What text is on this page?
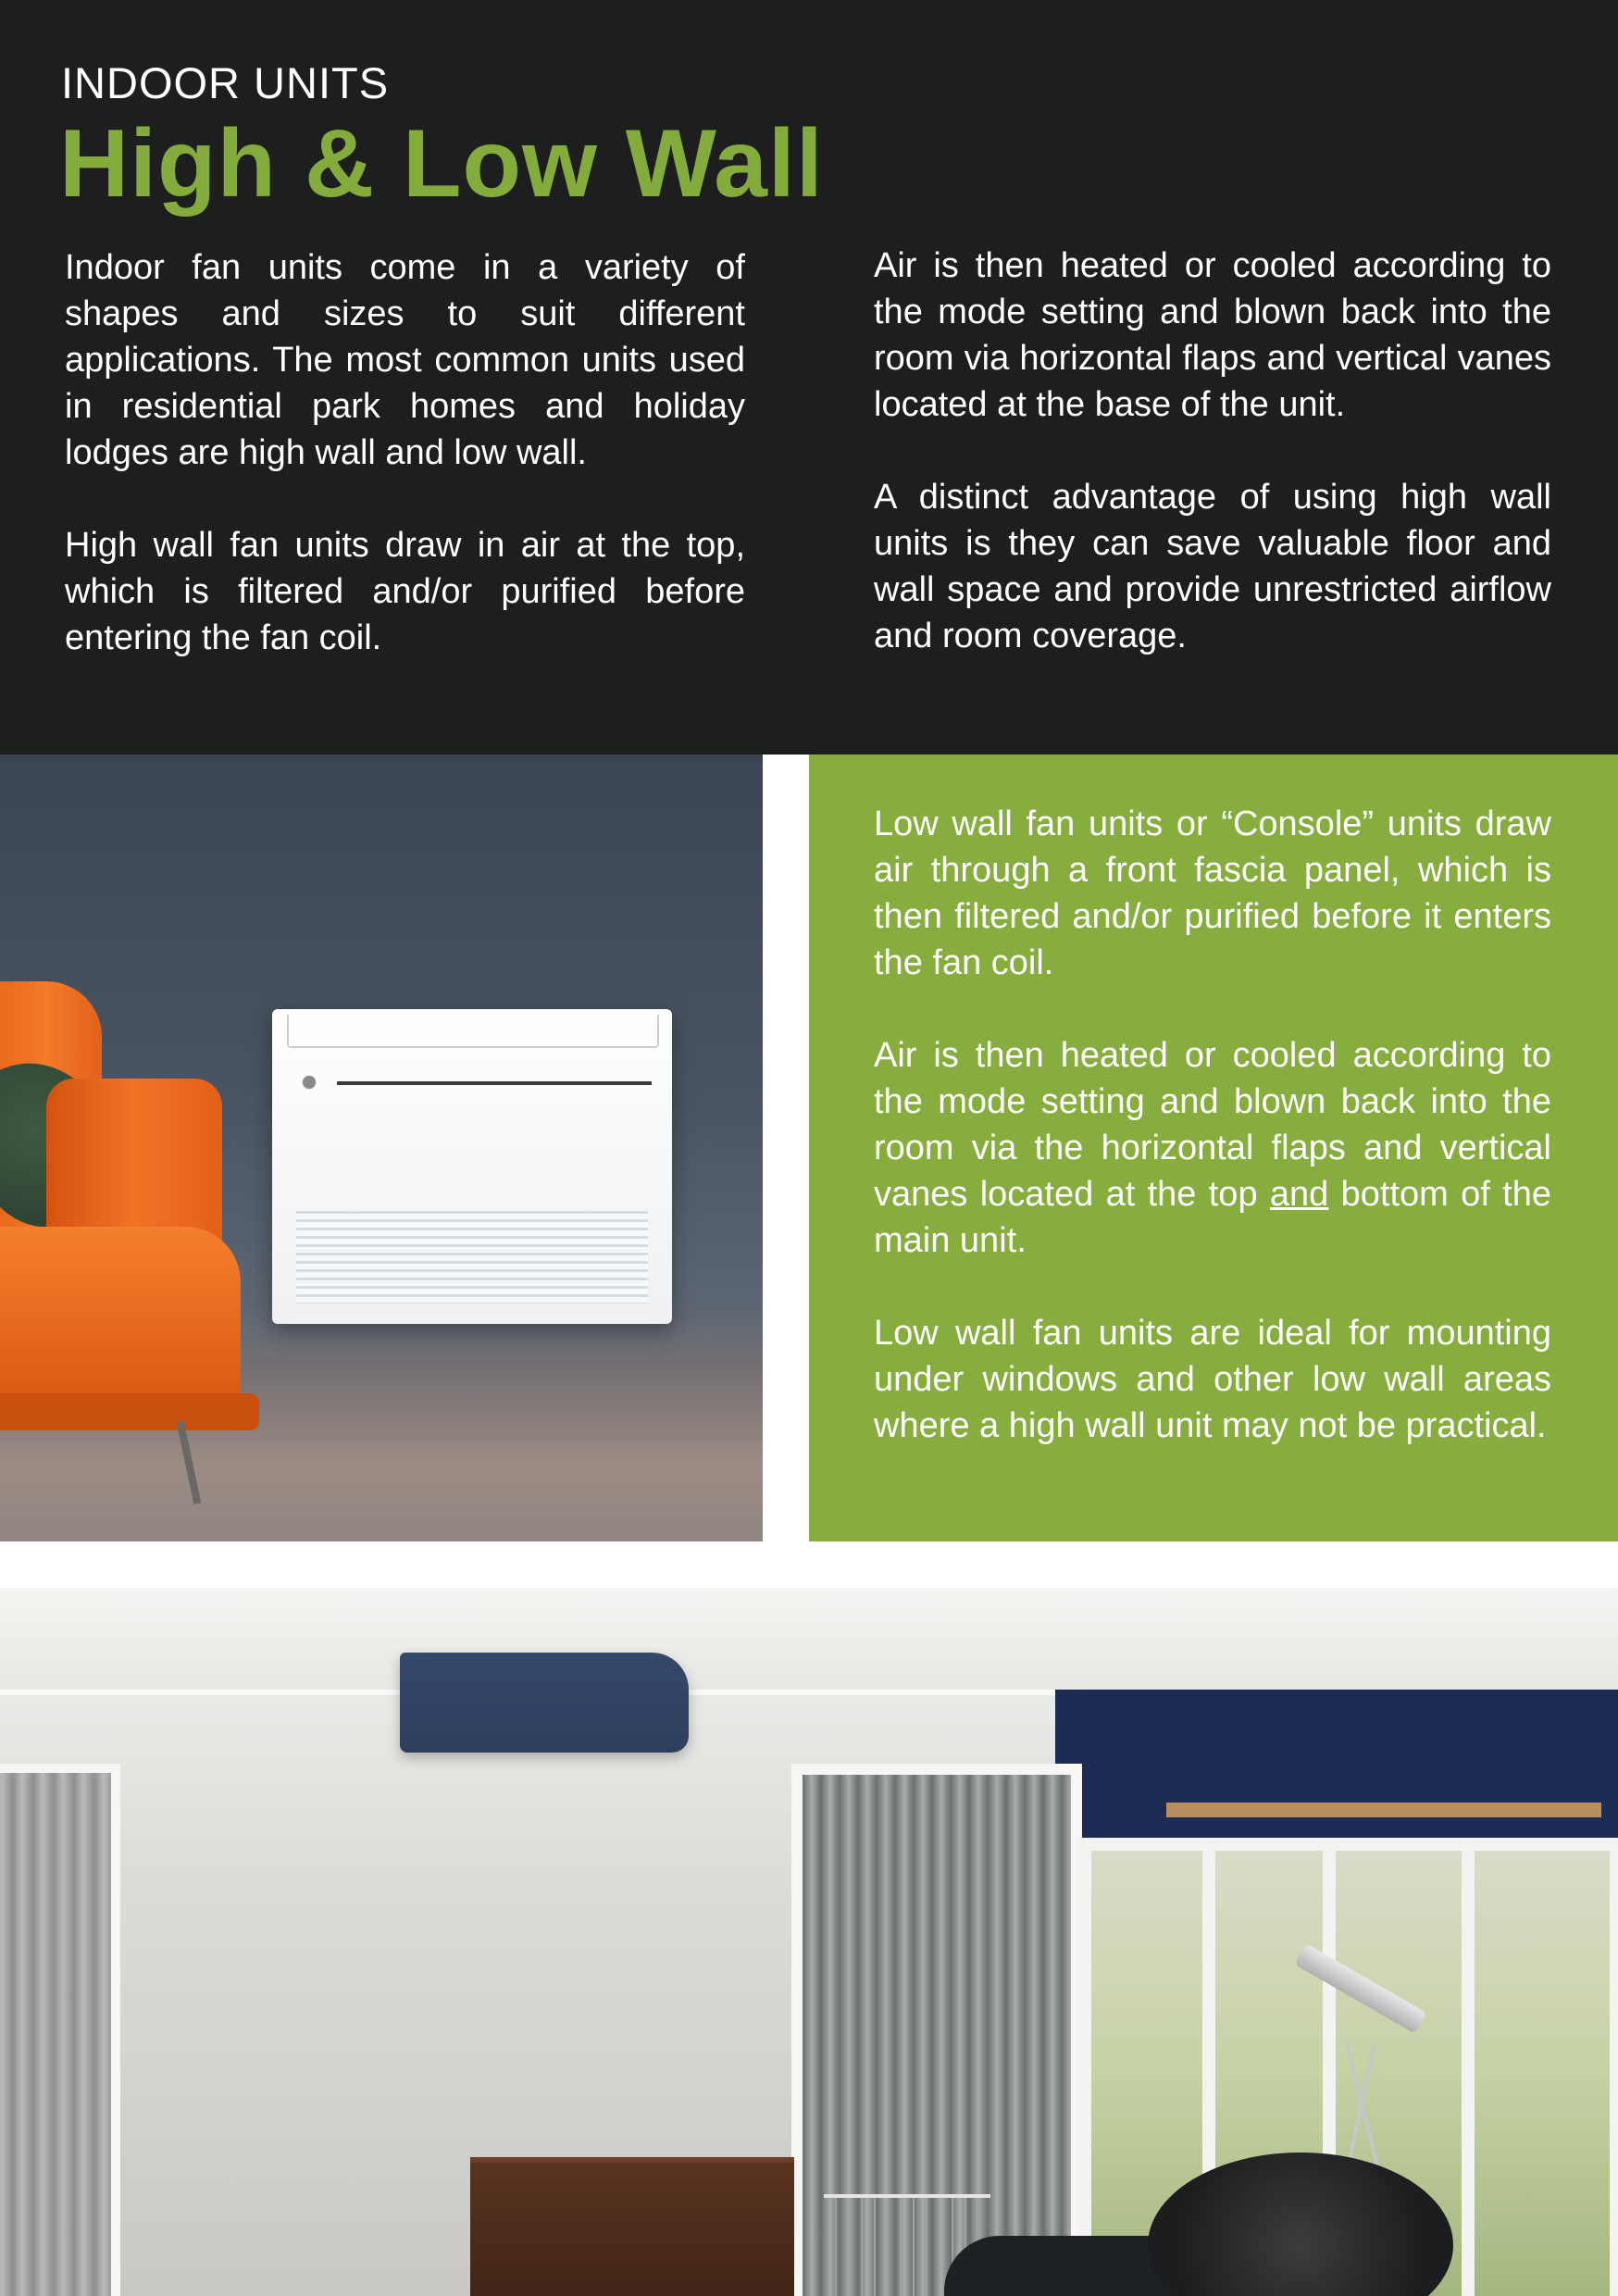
INDOOR UNITS
High & Low Wall

Indoor fan units come in a variety of shapes and sizes to suit different applications. The most common units used in residential park homes and holiday lodges are high wall and low wall.

High wall fan units draw in air at the top, which is filtered and/or purified before entering the fan coil.

Air is then heated or cooled according to the mode setting and blown back into the room via horizontal flaps and vertical vanes located at the base of the unit.

A distinct advantage of using high wall units is they can save valuable floor and wall space and provide unrestricted airflow and room coverage.

Low wall fan units or “Console” units draw air through a front fascia panel, which is then filtered and/or purified before it enters the fan coil.

Air is then heated or cooled according to the mode setting and blown back into the room via the horizontal flaps and vertical vanes located at the top and bottom of the main unit.

Low wall fan units are ideal for mounting under windows and other low wall areas where a high wall unit may not be practical.
